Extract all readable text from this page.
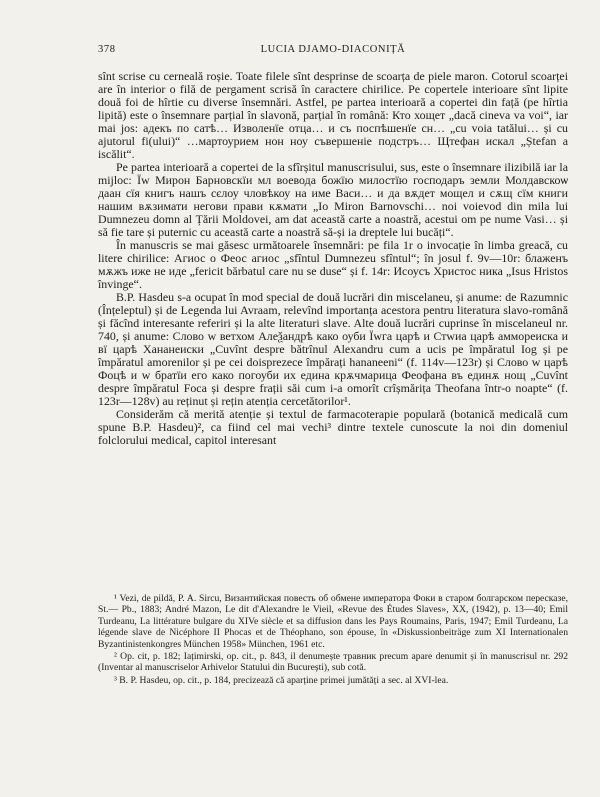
378	LUCIA DJAMO-DIACONIȚĂ

sînt scrise cu cerneală roșie. Toate filele sînt desprinse de scoarța de piele maron. Cotorul scoarței are în interior o filă de pergament scrisă în caractere chirilice. Pe copertele interioare sînt lipite două foi de hîrtie cu diverse însemnări. Astfel, pe partea interioară a copertei din față (pe hîrtia lipită) este o însemnare parțial în slavonă, parțial în română: Кто хощет „dacă cineva va voi“, iar mai jos: адекъ по сатѣ… Изволенїе отца… и съ поспѣшенїе сн… „cu voia tatălui… și cu ajutorul fi(ului)“ …мартоурием нон ноу съвершеніе подстръ… Щтефан искал „Ștefan a iscălit“.

Pe partea interioară a copertei de la sfîrșitul manuscrisului, sus, este o însemnare ilizibilă iar la mijloc: Їw Мирон Барновскїи мл воевода божїю милостїю господаръ земли Молдавскоѡ даан сїя книгъ нашъ сєлоу чловѣкоу на име Васи… и да вѫдет мощел и сѫщ сїм книги нашим вѫзимати негови прави кѫмати „Io Miron Barnovschi… noi voievod din mila lui Dumnezeu domn al Țării Moldovei, am dat această carte a noastră, acestui om pe nume Vasi… și să fie tare și puternic cu această carte a noastră să-și ia dreptele lui bucăți“.

În manuscris se mai găsesc următoarele însemnări: pe fila 1r o invocație în limba greacă, cu litere chirilice: Агиос о Феос агиос „sfîntul Dumnezeu sfîntul“; în josul f. 9v—10r: блаженъ мѫжъ иже не иде „fericit bărbatul care nu se duse“ și f. 14r: Исоусъ Христос ника „Isus Hristos învinge“.

B.P. Hasdeu s-a ocupat în mod special de două lucrări din miscelaneu, și anume: de Razumnic (Înțeleptul) și de Legenda lui Avraam, relevînd importanța acestora pentru literatura slavo-română și făcînd interesante referiri și la alte literaturi slave. Alte două lucrări cuprinse în miscelaneul nr. 740, și anume: Слово w ветхом Алеѯандрѣ како оуби Їwга царѣ и Стwиа царѣ аммореиска и вї царѣ Хананеиски „Cuvînt despre bătrînul Alexandru cum a ucis pe împăratul Iog și pe împăratul amorenilor și pe cei doisprezece împărați hananeeni“ (f. 114v—123r) și Слово w царѣ Фоцѣ и w братїи его како погоуби их едина крѫчмарица Феофана въ единѫ нощ „Cuvînt despre împăratul Foca și despre frații săi cum i-a omorît crîșmărița Theofana într-o noapte“ (f. 123r—128v) au reținut și rețin atenția cercetătorilor¹.

Considerăm că merită atenție și textul de farmacoterapie populară (botanică medicală cum spune B.P. Hasdeu)², ca fiind cel mai vechi³ dintre textele cunoscute la noi din domeniul folclorului medical, capitol interesant

¹ Vezi, de pildă, P. A. Sircu, Византийская повесть об обмене императора Фоки в старом болгарском пересказе, St.— Pb., 1883; André Mazon, Le dit d'Alexandre le Vieil, «Revue des Études Slaves», XX, (1942), p. 13—40; Emil Turdeanu, La littérature bulgare du XIVe siècle et sa diffusion dans les Pays Roumains, Paris, 1947; Emil Turdeanu, La légende slave de Nicéphore II Phocas et de Théophano, son épouse, în «Diskussionbeiträge zum XI Internationalen Byzantinistenkongres München 1958» München, 1961 etc.

² Op. cit, p. 182; Iațimirski, op. cit., p. 843, il denumește травник precum apare denumit și în manuscrisul nr. 292 (Inventar al manuscriselor Arhivelor Statului din București), sub cotă.

³ B. P. Hasdeu, op. cit., p. 184, precizează că aparține primei jumătăți a sec. al XVI-lea.
